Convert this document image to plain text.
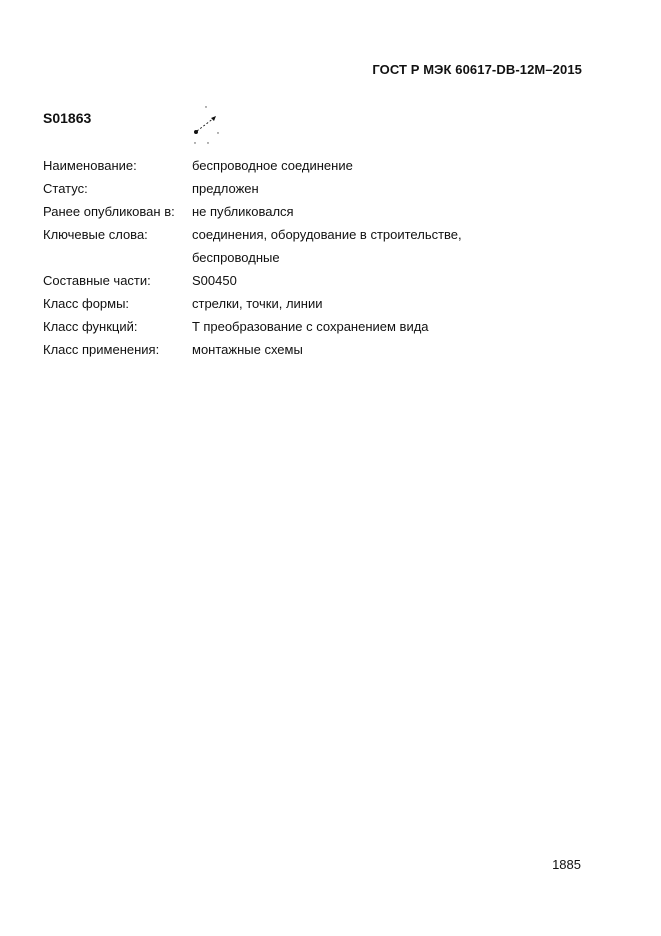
ГОСТ Р МЭК 60617-DB-12M–2015
S01863
Наименование:	беспроводное соединение
Статус:	предложен
Ранее опубликован в:	не публиковался
Ключевые слова:	соединения, оборудование в строительстве,
беспроводные
Составные части:	S00450
Класс формы:	стрелки, точки, линии
Класс функций:	T преобразование с сохранением вида
Класс применения:	монтажные схемы
1885
